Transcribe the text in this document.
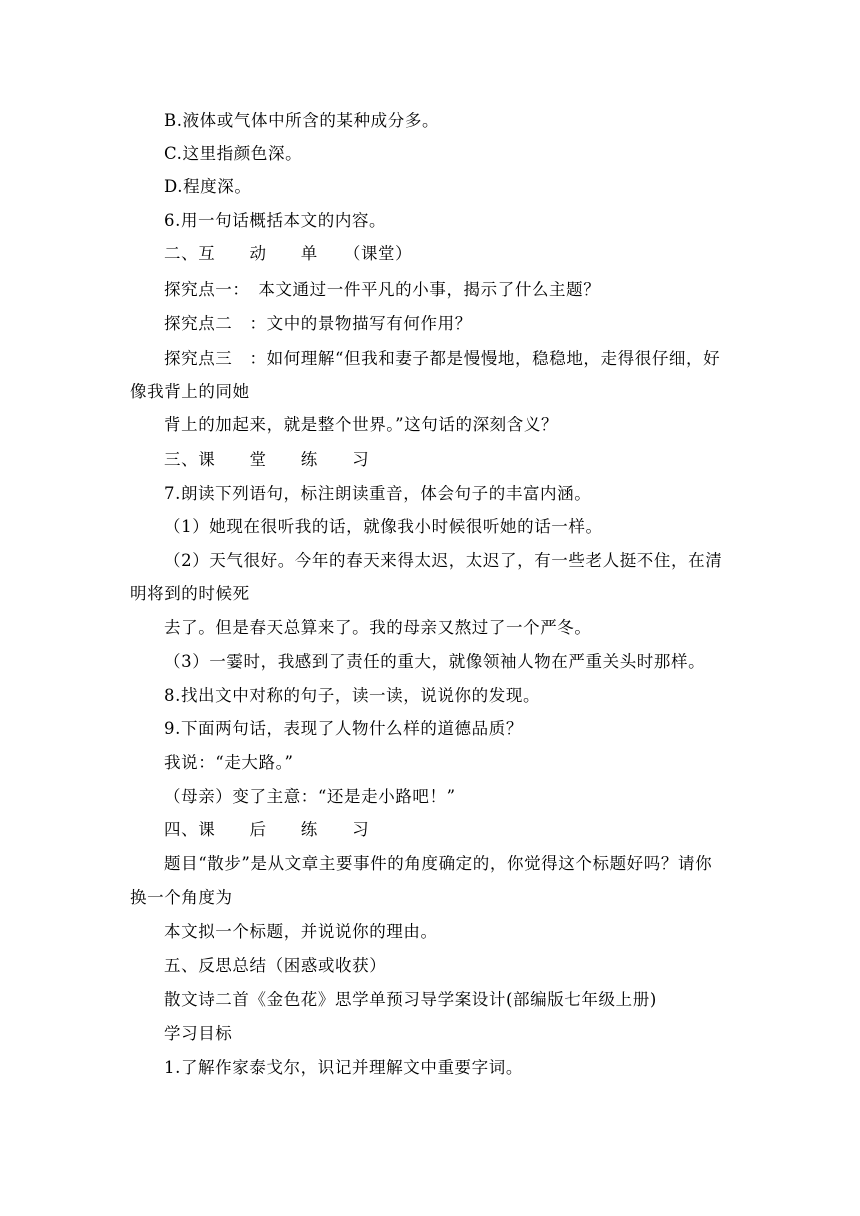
B.液体或气体中所含的某种成分多。
C.这里指颜色深。
D.程度深。
6.用一句话概括本文的内容。
二、互　　动　　单　　（课堂）
探究点一：　本文通过一件平凡的小事，揭示了什么主题？
探究点二　：文中的景物描写有何作用？
探究点三　：如何理解“但我和妻子都是慢慢地，稳稳地，走得很仔细，好
像我背上的同她
背上的加起来，就是整个世界。”这句话的深刻含义？
三、课　　堂　　练　　习
7.朗读下列语句，标注朗读重音，体会句子的丰富内涵。
（1）她现在很听我的话，就像我小时候很听她的话一样。
（2）天气很好。今年的春天来得太迟，太迟了，有一些老人挺不住，在清
明将到的时候死
去了。但是春天总算来了。我的母亲又熬过了一个严冬。
（3）一霎时，我感到了责任的重大，就像领袖人物在严重关头时那样。
8.找出文中对称的句子，读一读，说说你的发现。
9.下面两句话，表现了人物什么样的道德品质？
我说：“走大路。”
（母亲）变了主意：“还是走小路吧！”
四、课　　后　　练　　习
题目“散步”是从文章主要事件的角度确定的，你觉得这个标题好吗？请你
换一个角度为
本文拟一个标题，并说说你的理由。
五、反思总结（困惑或收获）
散文诗二首《金色花》思学单预习导学案设计(部编版七年级上册)
学习目标
1.了解作家泰戈尔，识记并理解文中重要字词。
